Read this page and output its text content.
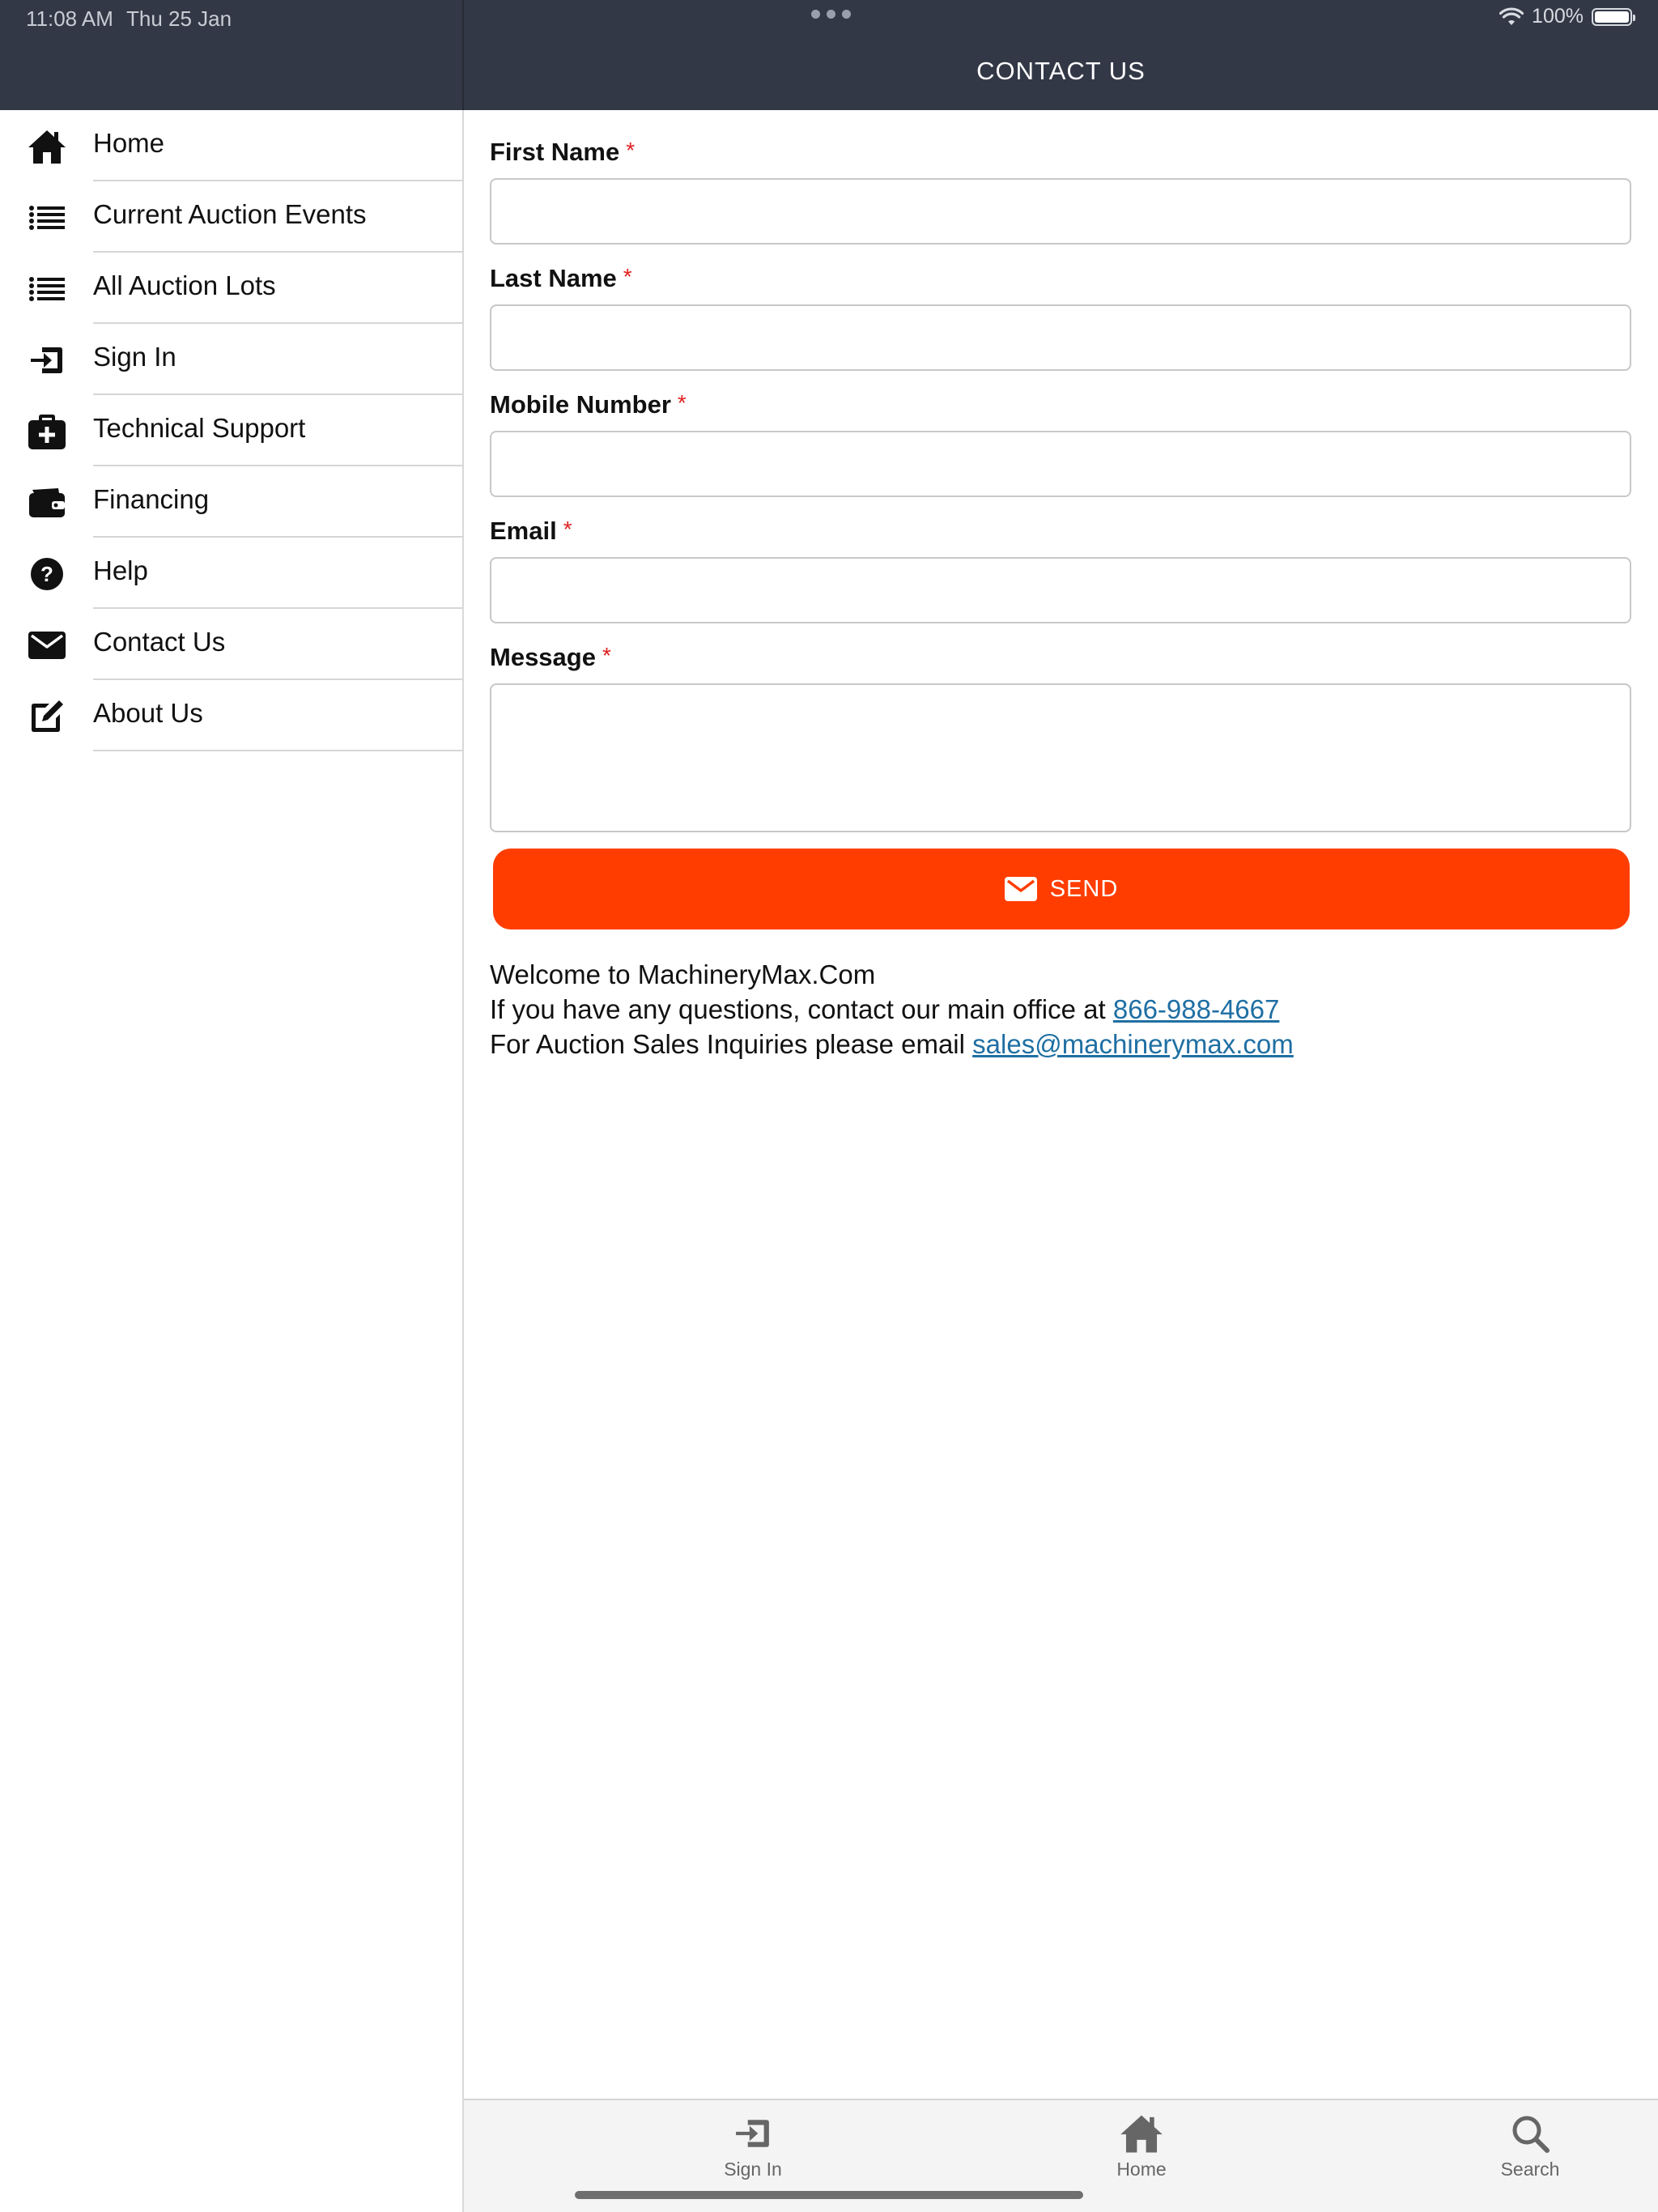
11:08 AM Thu 25 Jan	100%
CONTACT US
Home
Current Auction Events
All Auction Lots
Sign In
Technical Support
Financing
? Help
Contact Us
About Us
First Name *
Last Name *
Mobile Number *
Email *
Message *
SEND
Welcome to MachineryMax.Com
If you have any questions, contact our main office at 866-988-4667
For Auction Sales Inquiries please email sales@machinerymax.com
Sign In	Home	Search
